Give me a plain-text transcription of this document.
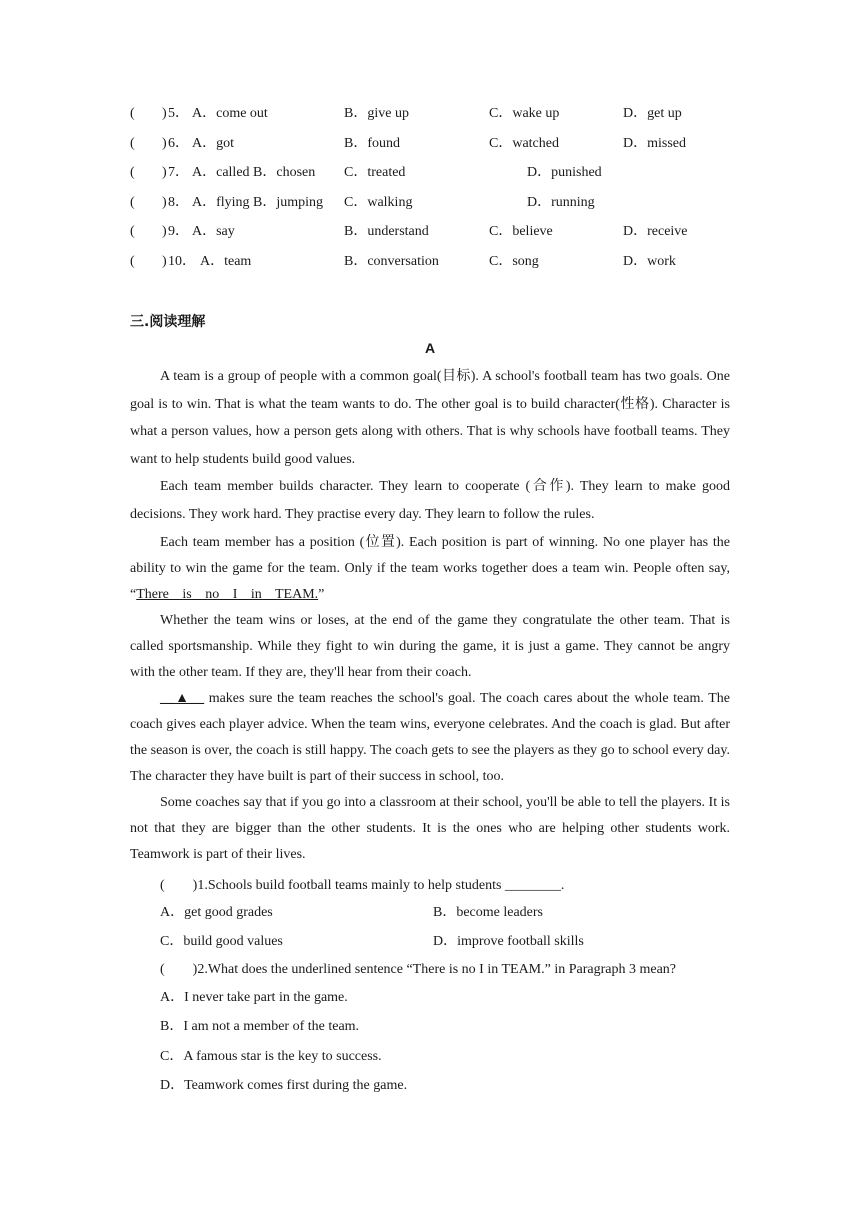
( ) 5． A．come out	B．give up	C．wake up	D．get up
( ) 6． A．got	B．found	C．watched	D．missed
( ) 7． A．called B．chosen C．treated	D．punished
( ) 8． A．flying B．jumping C．walking	D．running
( ) 9． A．say	B．understand	C．believe	D．receive
( ) 10． A．team	B．conversation	C．song	D．work
三.阅读理解
A

A team is a group of people with a common goal(目标). A school's football team has two goals. One goal is to win. That is what the team wants to do. The other goal is to build character(性格). Character is what a person values, how a person gets along with others. That is why schools have football teams. They want to help students build good values.

Each team member builds character. They learn to cooperate (合作). They learn to make good decisions. They work hard. They practise every day. They learn to follow the rules.

Each team member has a position (位置). Each position is part of winning. No one player has the ability to win the game for the team. Only if the team works together does a team win. People often say, “There is no I in TEAM.”

Whether the team wins or loses, at the end of the game they congratulate the other team. That is called sportsmanship. While they fight to win during the game, it is just a game. They cannot be angry with the other team. If they are, they'll hear from their coach.

__▲__ makes sure the team reaches the school's goal. The coach cares about the whole team. The coach gives each player advice. When the team wins, everyone celebrates. And the coach is glad. But after the season is over, the coach is still happy. The coach gets to see the players as they go to school every day. The character they have built is part of their success in school, too.

Some coaches say that if you go into a classroom at their school, you'll be able to tell the players. It is not that they are bigger than the other students. It is the ones who are helping other students work. Teamwork is part of their lives.

(　　)1.Schools build football teams mainly to help students ________.
A．get good grades	B．become leaders
C．build good values	D．improve football skills
(　　)2.What does the underlined sentence “There is no I in TEAM.” in Paragraph 3 mean?
A．I never take part in the game.
B．I am not a member of the team.
C．A famous star is the key to success.
D．Teamwork comes first during the game.
